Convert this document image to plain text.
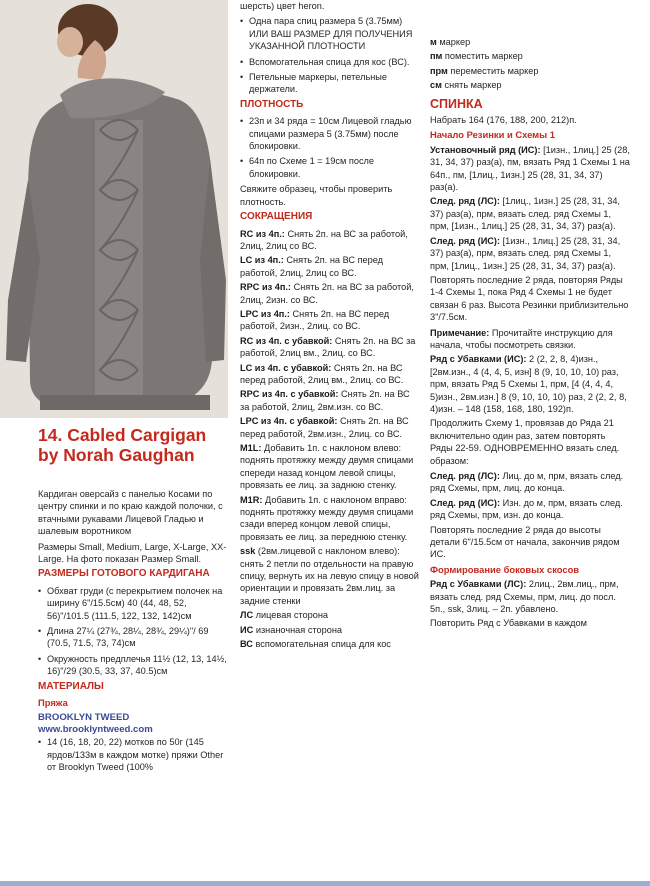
14. Cabled Cargigan by Norah Gaughan
Кардиган оверсайз с панелью Косами по центру спинки и по краю каждой полочки, с втачными рукавами Лицевой Гладью и шалевым воротником
Размеры Small, Medium, Large, X-Large, XX- Large. На фото показан Размер Small.
РАЗМЕРЫ ГОТОВОГО КАРДИГАНА
• Обхват груди (с перекрытием полочек на ширину 6"/15.5см) 40 (44, 48, 52, 56)"/101.5 (111.5, 122, 132, 142)см
• Длина 27¼ (27¾, 28¼, 28¾, 29¼)"/ 69 (70.5, 71.5, 73, 74)см
• Окружность предплечья 11½ (12, 13, 14½, 16)"/29 (30.5, 33, 37, 40.5)см
МАТЕРИАЛЫ
Пряжа
BROOKLYN TWEED
www.brooklyntweed.com
• 14 (16, 18, 20, 22) мотков по 50г (145 ярдов/133м в каждом мотке) пряжи Other от Brooklyn Tweed (100%
шерсть) цвет heron.
• Одна пара спиц размера 5 (3.75мм) ИЛИ ВАШ РАЗМЕР ДЛЯ ПОЛУЧЕНИЯ УКАЗАННОЙ ПЛОТНОСТИ
• Вспомогательная спица для кос (ВС).
• Петельные маркеры, петельные держатели.
ПЛОТНОСТЬ
• 23п и 34 ряда = 10см Лицевой гладью спицами размера 5 (3.75мм) после блокировки.
• 64п по Схеме 1 = 19см после блокировки.
Свяжите образец, чтобы проверить плотность.
СОКРАЩЕНИЯ
RC из 4п.: Снять 2п. на ВС за работой, 2лиц, 2лиц со ВС.
LC из 4п.: Снять 2п. на ВС перед работой, 2лиц, 2лиц со ВС.
RPC из 4п.: Снять 2п. на ВС за работой, 2лиц, 2изн. со ВС.
LPC из 4п.: Снять 2п. на ВС перед работой, 2изн., 2лиц. со ВС.
RC из 4п. с убавкой: Снять 2п. на ВС за работой, 2лиц вм., 2лиц. со ВС.
LC из 4п. с убавкой: Снять 2п. на ВС перед работой, 2лиц вм., 2лиц. со ВС.
RPC из 4п. с убавкой: Снять 2п. на ВС за работой, 2лиц, 2вм.изн. со ВС.
LPC из 4п. с убавкой: Снять 2п. на ВС перед работой, 2вм.изн., 2лиц. со ВС.
M1L: Добавить 1п. с наклоном влево: поднять протяжку между двумя спицами спереди назад концом левой спицы, провязать ее лиц. за заднюю стенку.
M1R: Добавить 1п. с наклоном вправо: поднять протяжку между двумя спицами сзади вперед концом левой спицы, провязать ее лиц. за переднюю стенку.
ssk (2вм.лицевой с наклоном влево): снять 2 петли по отдельности на правую спицу, вернуть их на левую спицу в новой ориентации и провязать 2вм.лиц. за задние стенки
ЛС лицевая сторона
ИС изнаночная сторона
ВС вспомогательная спица для кос
м маркер
пм поместить маркер
прм переместить маркер
см снять маркер
СПИНКА
Набрать 164 (176, 188, 200, 212)п.
Начало Резинки и Схемы 1
Установочный ряд (ИС): [1изн., 1лиц.] 25 (28, 31, 34, 37) раз(а), пм, вязать Ряд 1 Схемы 1 на 64п., пм, [1лиц., 1изн.] 25 (28, 31, 34, 37) раз(а).
След. ряд (ЛС): [1лиц., 1изн.] 25 (28, 31, 34, 37) раз(а), прм, вязать след. ряд Схемы 1, прм, [1изн., 1лиц.] 25 (28, 31, 34, 37) раз(а).
След. ряд (ИС): [1изн., 1лиц.] 25 (28, 31, 34, 37) раз(а), прм, вязать след. ряд Схемы 1, прм, [1лиц., 1изн.] 25 (28, 31, 34, 37) раз(а).
Повторять последние 2 ряда, повторяя Ряды 1-4 Схемы 1, пока Ряд 4 Схемы 1 не будет связан 6 раз. Высота Резинки приблизительно 3"/7.5см.
Примечание: Прочитайте инструкцию для начала, чтобы посмотреть связки.
Ряд с Убавками (ИС): 2 (2, 2, 8, 4)изн., [2вм.изн., 4 (4, 4, 5, изн] 8 (9, 10, 10, 10) раз, прм, вязать Ряд 5 Схемы 1, прм, [4 (4, 4, 4, 5)изн., 2вм.изн.] 8 (9, 10, 10, 10) раз, 2 (2, 2, 8, 4)изн. – 148 (158, 168, 180, 192)п.
Продолжить Схему 1, провязав до Ряда 21 включительно один раз, затем повторять Ряды 22-59. ОДНОВРЕМЕННО вязать след. образом:
След. ряд (ЛС): Лиц. до м, прм, вязать след. ряд Схемы, прм, лиц. до конца.
След. ряд (ИС): Изн. до м, прм, вязать след. ряд Схемы, прм, изн. до конца.
Повторять последние 2 ряда до высоты детали 6"/15.5см от начала, закончив рядом ИС.
Формирование боковых скосов
Ряд с Убавками (ЛС): 2лиц., 2вм.лиц., прм, вязать след. ряд Схемы, прм, лиц. до посл. 5п., ssk, 3лиц. – 2п. убавлено.
Повторить Ряд с Убавками в каждом
